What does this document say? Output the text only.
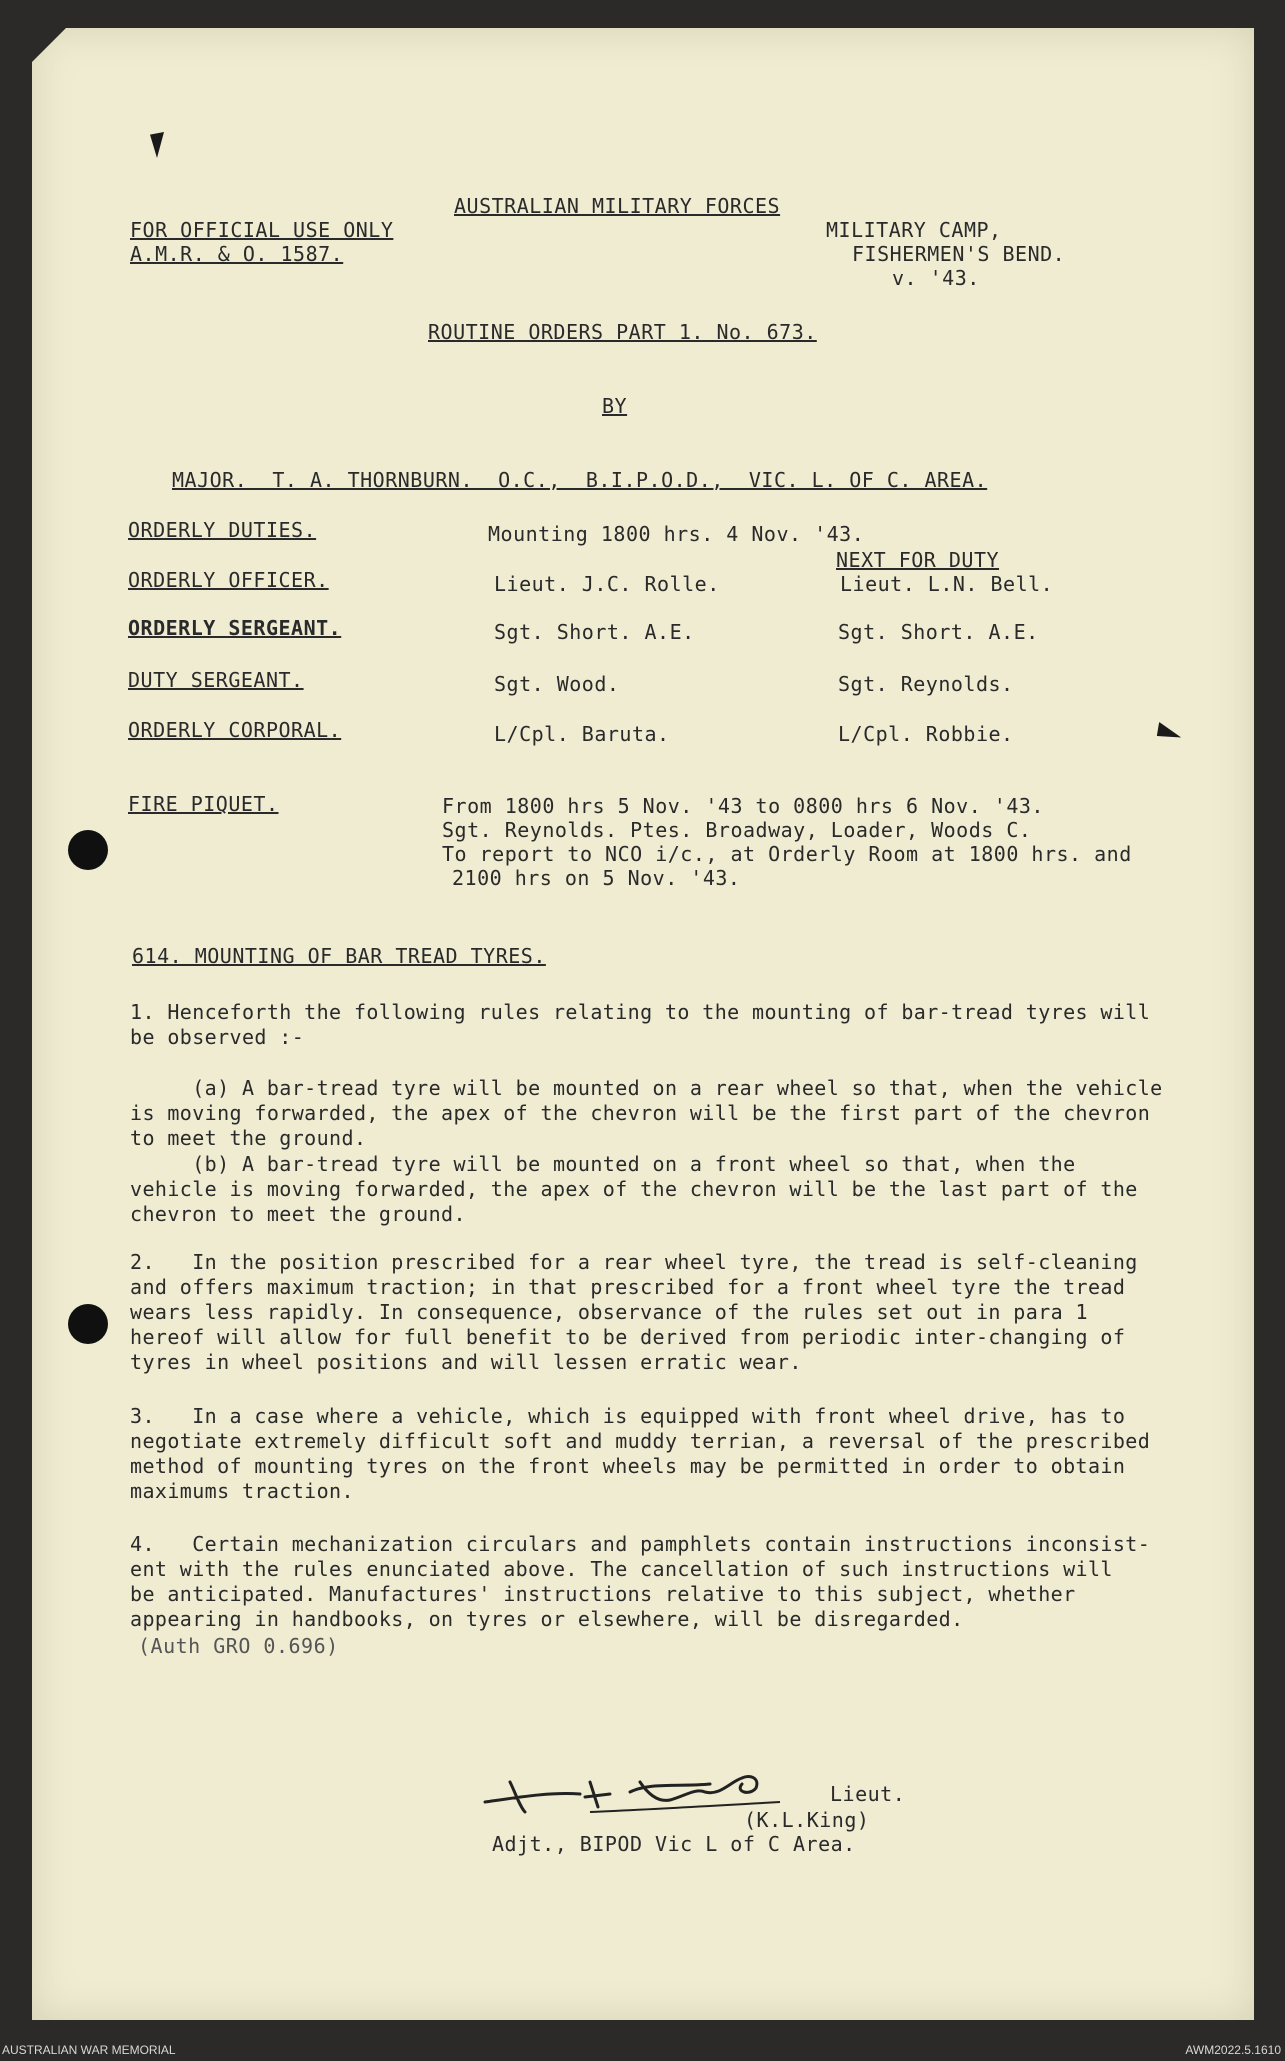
FOR OFFICIAL USE ONLY
A.M.R. & O. 1587.
AUSTRALIAN MILITARY FORCES
MILITARY CAMP,
FISHERMEN'S BEND.
v. '43.
ROUTINE ORDERS PART 1. No. 673.
BY
MAJOR.  T. A. THORNBURN.  O.C.,  B.I.P.O.D.,  VIC. L. OF C. AREA.
ORDERLY DUTIES.	Mounting 1800 hrs. 4 Nov. '43.
NEXT FOR DUTY
ORDERLY OFFICER.	Lieut. J.C. Rolle.	Lieut. L.N. Bell.
ORDERLY SERGEANT.	Sgt. Short. A.E.	Sgt. Short. A.E.
DUTY SERGEANT.	Sgt. Wood.	Sgt. Reynolds.
ORDERLY CORPORAL.	L/Cpl. Baruta.	L/Cpl. Robbie.
FIRE PIQUET.	From 1800 hrs 5 Nov. '43 to 0800 hrs 6 Nov. '43.
Sgt. Reynolds. Ptes. Broadway, Loader, Woods C.
To report to NCO i/c., at Orderly Room at 1800 hrs. and
2100 hrs on 5 Nov. '43.
614. MOUNTING OF BAR TREAD TYRES.
1. Henceforth the following rules relating to the mounting of bar-tread tyres will
be observed :-
(a) A bar-tread tyre will be mounted on a rear wheel so that, when the vehicle
is moving forwarded, the apex of the chevron will be the first part of the chevron
to meet the ground.
(b) A bar-tread tyre will be mounted on a front wheel so that, when the
vehicle is moving forwarded, the apex of the chevron will be the last part of the
chevron to meet the ground.
2.   In the position prescribed for a rear wheel tyre, the tread is self-cleaning
and offers maximum traction; in that prescribed for a front wheel tyre the tread
wears less rapidly. In consequence, observance of the rules set out in para 1
hereof will allow for full benefit to be derived from periodic inter-changing of
tyres in wheel positions and will lessen erratic wear.
3.   In a case where a vehicle, which is equipped with front wheel drive, has to
negotiate extremely difficult soft and muddy terrian, a reversal of the prescribed
method of mounting tyres on the front wheels may be permitted in order to obtain
maximums traction.
4.   Certain mechanization circulars and pamphlets contain instructions inconsist-
ent with the rules enunciated above. The cancellation of such instructions will
be anticipated. Manufactures' instructions relative to this subject, whether
appearing in handbooks, on tyres or elsewhere, will be disregarded.
(Auth GRO 0.696)
Lieut.
(K.L.King)
Adjt., BIPOD Vic L of C Area.
AUSTRALIAN WAR MEMORIAL	AWM2022.5.1610
